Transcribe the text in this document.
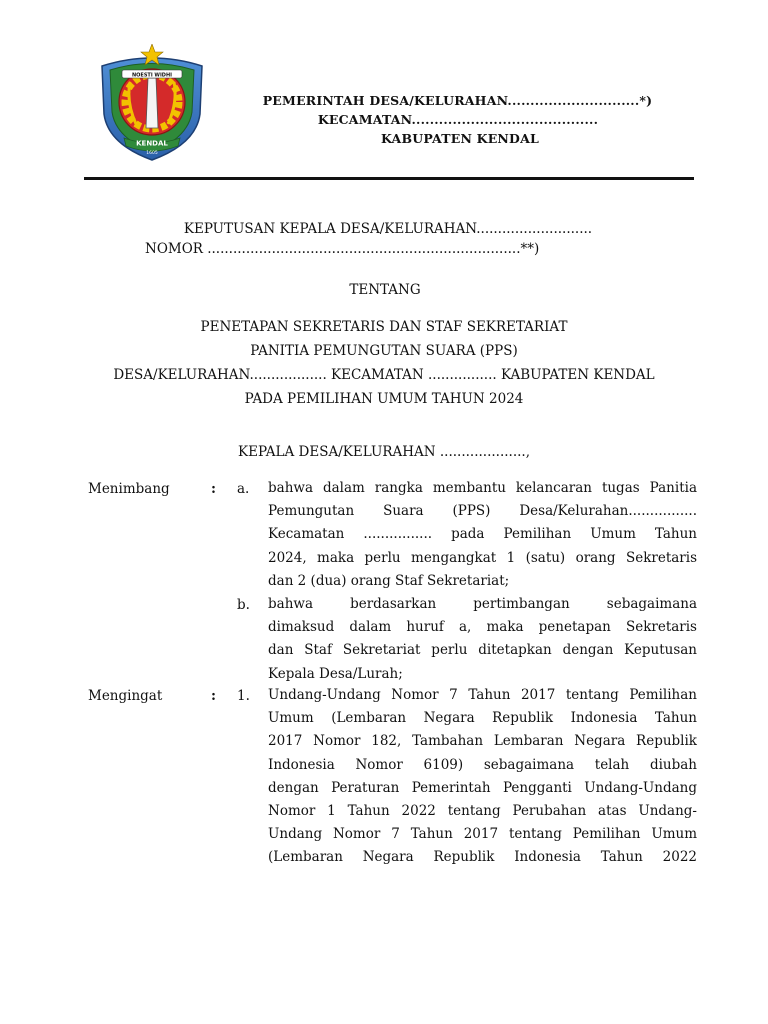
NOESTI WIDHI
KENDAL
1605
PEMERINTAH DESA/KELURAHAN.............................*)
KECAMATAN.........................................
KABUPATEN KENDAL
KEPUTUSAN KEPALA DESA/KELURAHAN...........................
NOMOR .........................................................................**)
TENTANG
PENETAPAN SEKRETARIS DAN STAF SEKRETARIAT
PANITIA PEMUNGUTAN SUARA (PPS)
DESA/KELURAHAN.................. KECAMATAN ................ KABUPATEN KENDAL
PADA PEMILIHAN UMUM TAHUN 2024
KEPALA DESA/KELURAHAN ....................,
Menimbang	: a. bahwa dalam rangka membantu kelancaran tugas Panitia
Pemungutan Suara (PPS) Desa/Kelurahan................
Kecamatan ................ pada Pemilihan Umum Tahun
2024, maka perlu mengangkat 1 (satu) orang Sekretaris
dan 2 (dua) orang Staf Sekretariat;
b. bahwa berdasarkan pertimbangan sebagaimana
dimaksud dalam huruf a, maka penetapan Sekretaris
dan Staf Sekretariat perlu ditetapkan dengan Keputusan
Kepala Desa/Lurah;
Mengingat	: 1. Undang-Undang Nomor 7 Tahun 2017 tentang Pemilihan
Umum (Lembaran Negara Republik Indonesia Tahun
2017 Nomor 182, Tambahan Lembaran Negara Republik
Indonesia Nomor 6109) sebagaimana telah diubah
dengan Peraturan Pemerintah Pengganti Undang-Undang
Nomor 1 Tahun 2022 tentang Perubahan atas Undang-
Undang Nomor 7 Tahun 2017 tentang Pemilihan Umum
(Lembaran Negara Republik Indonesia Tahun 2022
